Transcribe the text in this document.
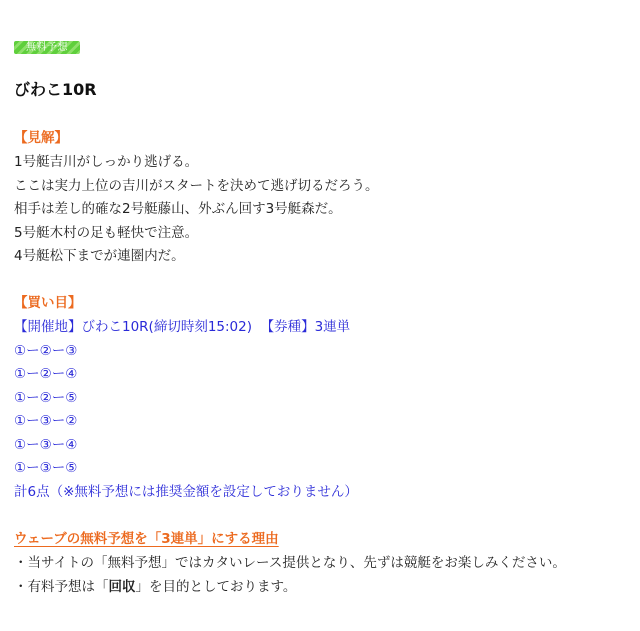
無料予想
びわこ10R
【見解】
1号艇吉川がしっかり逃げる。
ここは実力上位の吉川がスタートを決めて逃げ切るだろう。
相手は差し的確な2号艇藤山、外ぶん回す3号艇森だ。
5号艇木村の足も軽快で注意。
4号艇松下までが連圏内だ。
【買い目】
【開催地】びわこ10R(締切時刻15:02) 【券種】3連単
①ー②ー③
①ー②ー④
①ー②ー⑤
①ー③ー②
①ー③ー④
①ー③ー⑤
計6点（※無料予想には推奨金額を設定しておりません）
ウェーブの無料予想を「3連単」にする理由
・当サイトの「無料予想」ではカタいレース提供となり、先ずは競艇をお楽しみください。
・有料予想は「回収」を目的としております。
